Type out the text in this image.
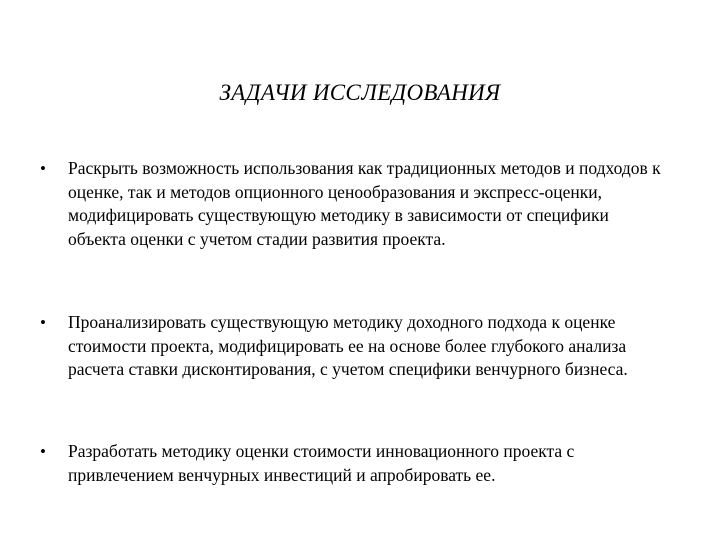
ЗАДАЧИ ИССЛЕДОВАНИЯ
•	Раскрыть возможность использования как традиционных методов и подходов к оценке, так и методов опционного ценообразования и экспресс-оценки, модифицировать существующую методику в зависимости от специфики объекта оценки с учетом стадии развития проекта.
•	Проанализировать существующую методику доходного подхода к оценке стоимости проекта, модифицировать ее на основе более глубокого анализа расчета ставки дисконтирования, с учетом специфики венчурного бизнеса.
•	Разработать методику оценки стоимости инновационного проекта с привлечением венчурных инвестиций и апробировать ее.
